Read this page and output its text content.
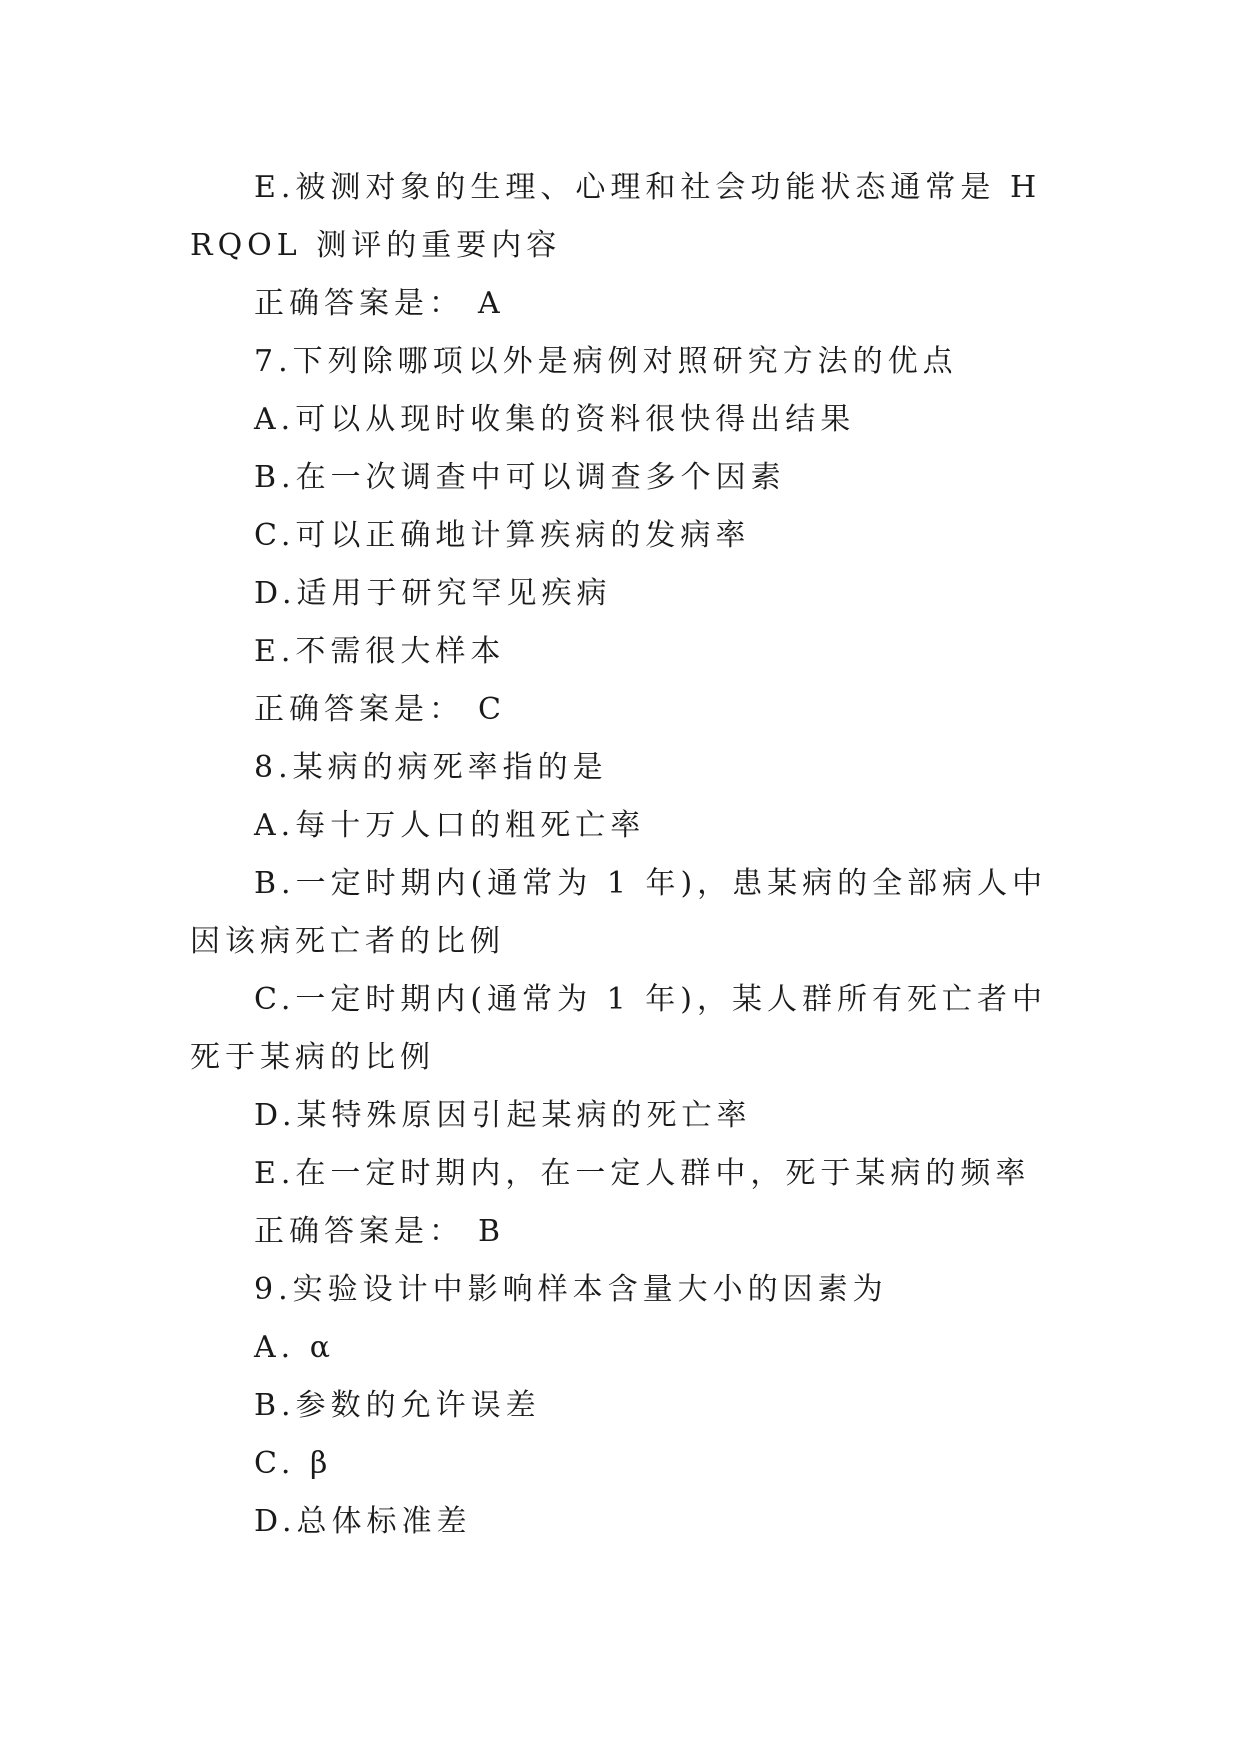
E.被测对象的生理、心理和社会功能状态通常是 HRQOL 测评的重要内容

正确答案是： A

7.下列除哪项以外是病例对照研究方法的优点

A.可以从现时收集的资料很快得出结果

B.在一次调查中可以调查多个因素

C.可以正确地计算疾病的发病率

D.适用于研究罕见疾病

E.不需很大样本

正确答案是： C

8.某病的病死率指的是

A.每十万人口的粗死亡率

B.一定时期内(通常为 1 年)，患某病的全部病人中因该病死亡者的比例

C.一定时期内(通常为 1 年)，某人群所有死亡者中死于某病的比例

D.某特殊原因引起某病的死亡率

E.在一定时期内，在一定人群中，死于某病的频率

正确答案是： B

9.实验设计中影响样本含量大小的因素为

A. α

B.参数的允许误差

C. β

D.总体标准差
